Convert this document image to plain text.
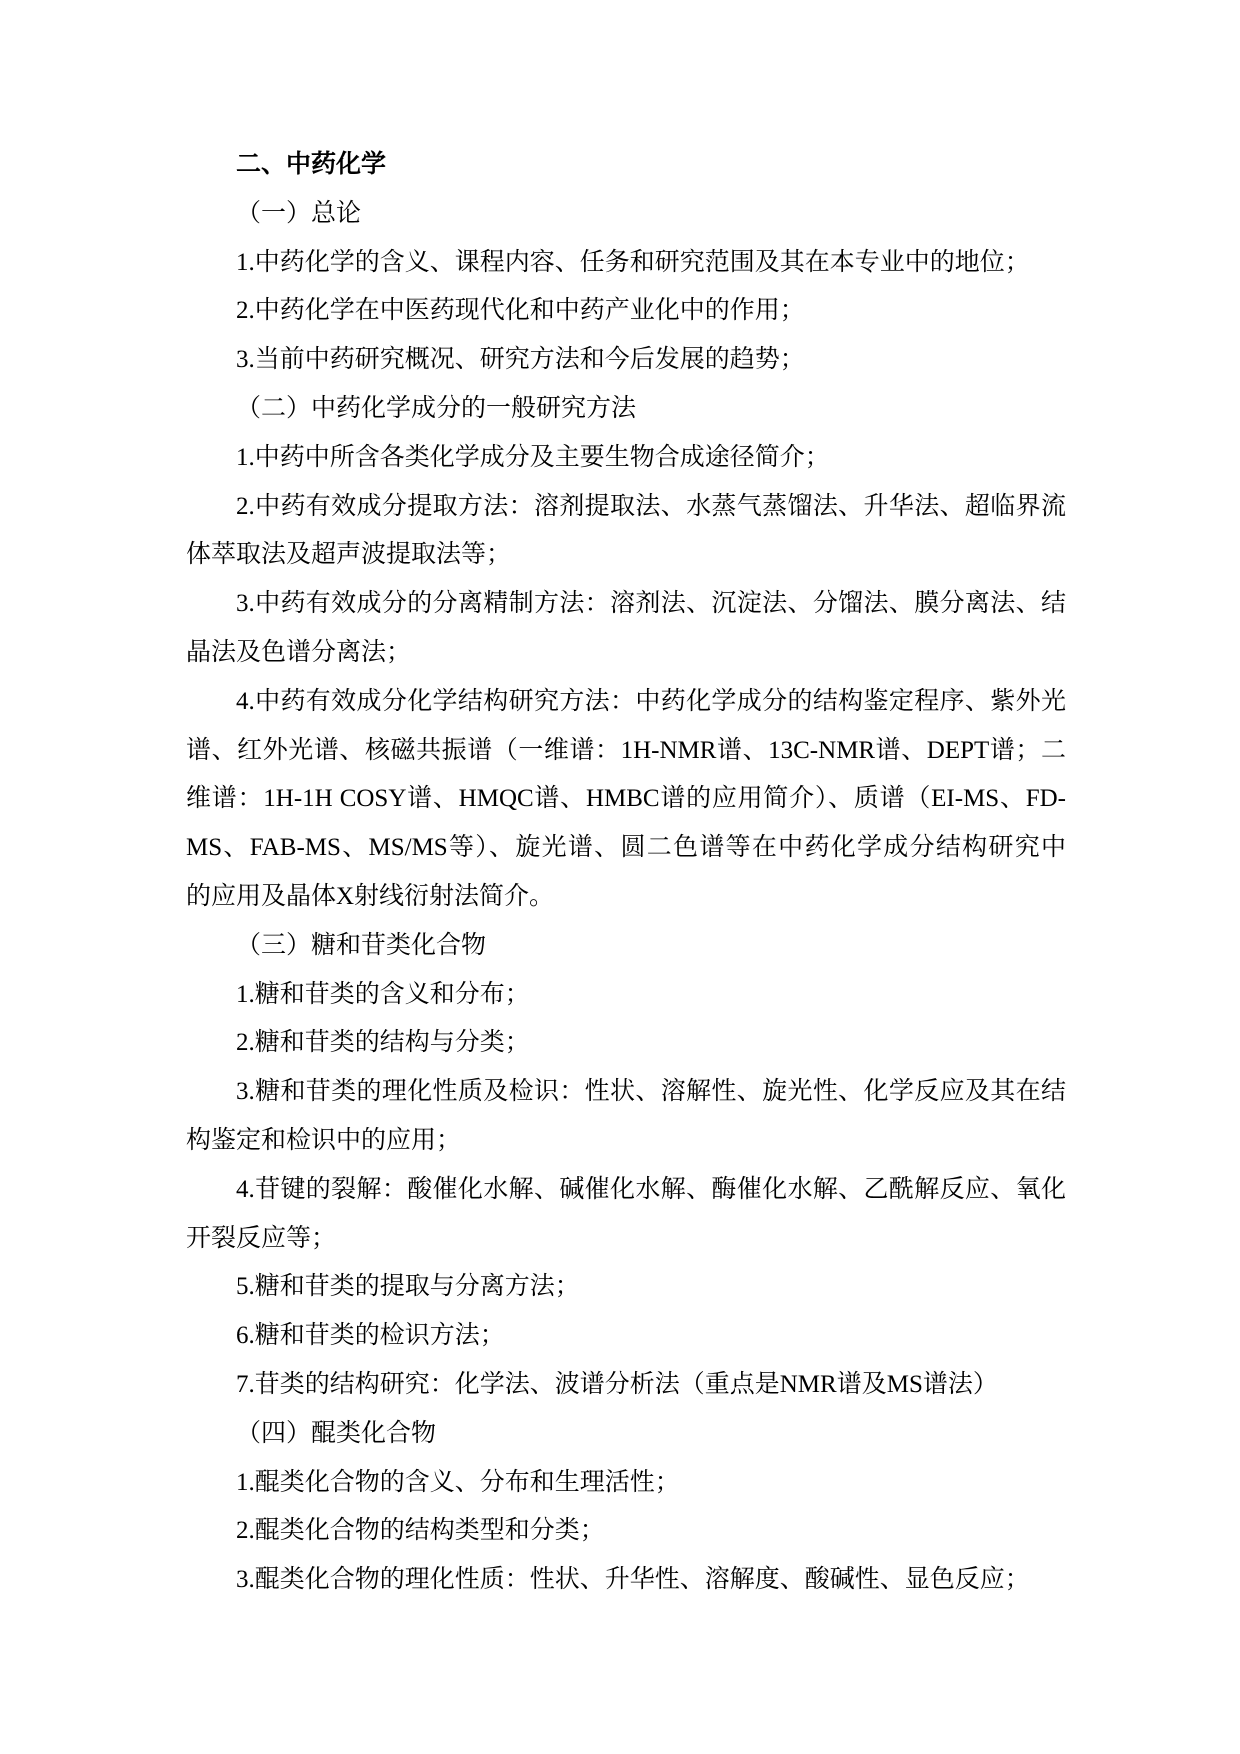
二、中药化学
（一）总论
1.中药化学的含义、课程内容、任务和研究范围及其在本专业中的地位；
2.中药化学在中医药现代化和中药产业化中的作用；
3.当前中药研究概况、研究方法和今后发展的趋势；
（二）中药化学成分的一般研究方法
1.中药中所含各类化学成分及主要生物合成途径简介；
2.中药有效成分提取方法：溶剂提取法、水蒸气蒸馏法、升华法、超临界流
体萃取法及超声波提取法等；
3.中药有效成分的分离精制方法：溶剂法、沉淀法、分馏法、膜分离法、结
晶法及色谱分离法；
4.中药有效成分化学结构研究方法：中药化学成分的结构鉴定程序、紫外光
谱、红外光谱、核磁共振谱（一维谱：1H-NMR谱、13C-NMR谱、DEPT谱；二
维谱：1H-1H COSY谱、HMQC谱、HMBC谱的应用简介）、质谱（EI-MS、FD-
MS、FAB-MS、MS/MS等）、旋光谱、圆二色谱等在中药化学成分结构研究中
的应用及晶体X射线衍射法简介。
（三）糖和苷类化合物
1.糖和苷类的含义和分布；
2.糖和苷类的结构与分类；
3.糖和苷类的理化性质及检识：性状、溶解性、旋光性、化学反应及其在结
构鉴定和检识中的应用；
4.苷键的裂解：酸催化水解、碱催化水解、酶催化水解、乙酰解反应、氧化
开裂反应等；
5.糖和苷类的提取与分离方法；
6.糖和苷类的检识方法；
7.苷类的结构研究：化学法、波谱分析法（重点是NMR谱及MS谱法）
（四）醌类化合物
1.醌类化合物的含义、分布和生理活性；
2.醌类化合物的结构类型和分类；
3.醌类化合物的理化性质：性状、升华性、溶解度、酸碱性、显色反应；
